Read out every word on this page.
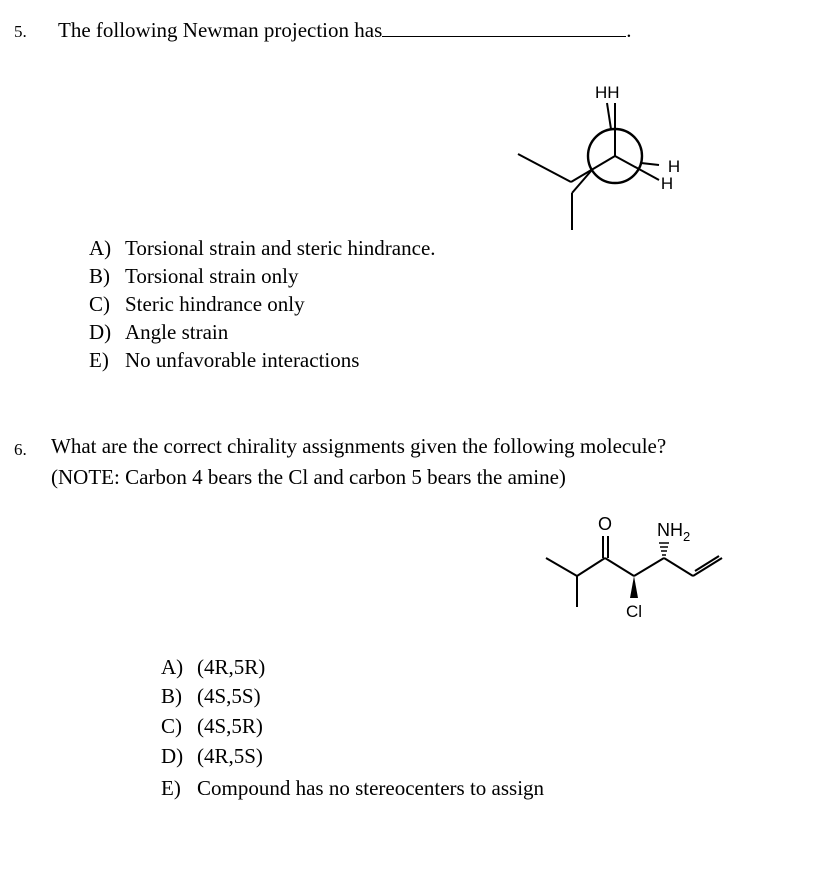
5. The following Newman projection has	.
HH
H
H
O $NH_2$
Cl
A) Torsional strain and steric hindrance.
B) Torsional strain only
C) Steric hindrance only
D) Angle strain
E) No unfavorable interactions
6. What are the correct chirality assignments given the following molecule?
(NOTE: Carbon 4 bears the Cl and carbon 5 bears the amine)
A) (4R,5R)
B) (4S,5S)
C) (4S,5R)
D) (4R,5S)
E) Compound has no stereocenters to assign
